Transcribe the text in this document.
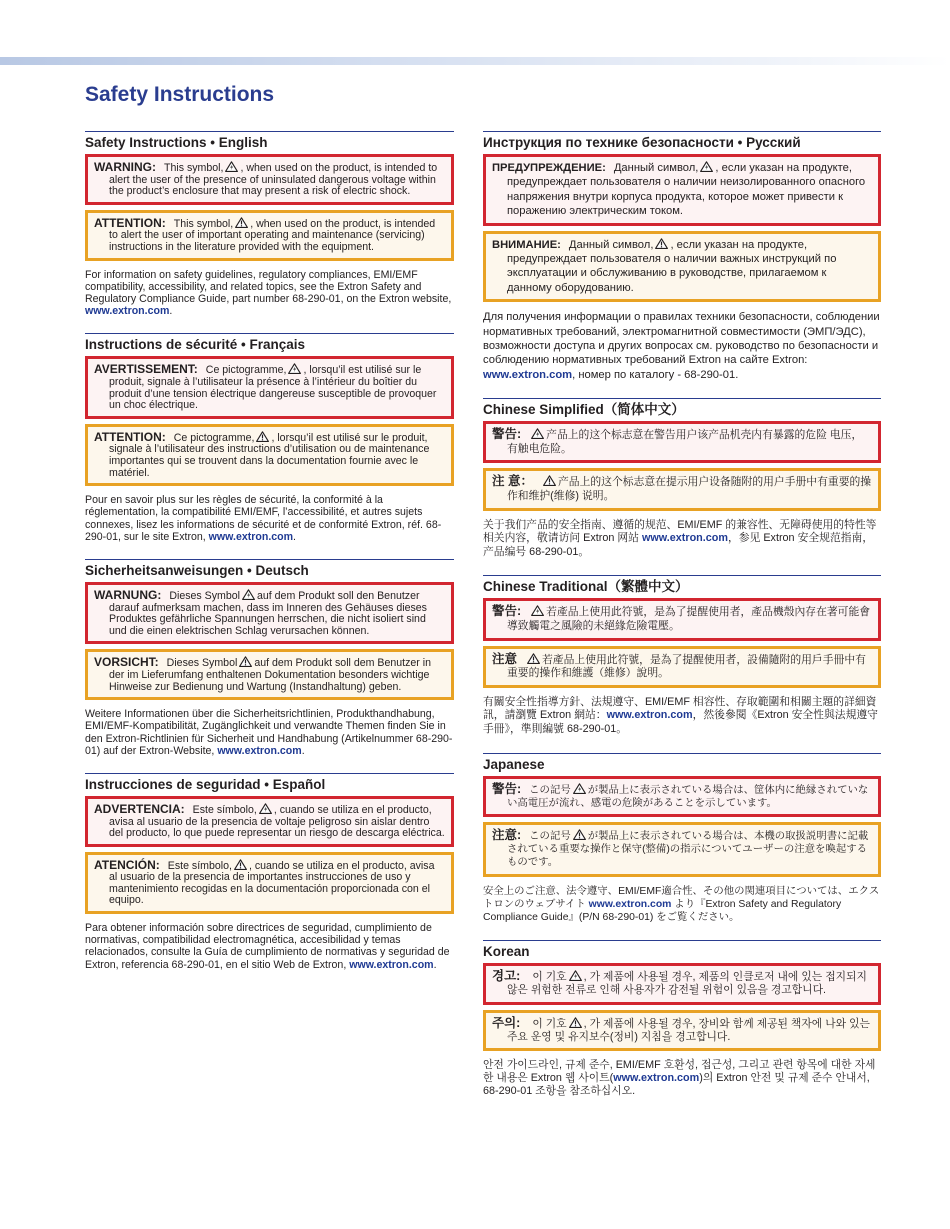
Safety Instructions
Safety Instructions • English
WARNING: This symbol, , when used on the product, is intended to alert the user of the presence of uninsulated dangerous voltage within the product’s enclosure that may present a risk of electric shock.
ATTENTION: This symbol, , when used on the product, is intended to alert the user of important operating and maintenance (servicing) instructions in the literature provided with the equipment.

For information on safety guidelines, regulatory compliances, EMI/EMF compatibility, accessibility, and related topics, see the Extron Safety and Regulatory Compliance Guide, part number 68-290-01, on the Extron website, www.extron.com.

Instructions de sécurité • Français
AVERTISSEMENT: Ce pictogramme, , lorsqu’il est utilisé sur le produit, signale à l’utilisateur la présence à l’intérieur du boîtier du produit d’une tension électrique dangereuse susceptible de provoquer un choc électrique.
ATTENTION: Ce pictogramme, , lorsqu’il est utilisé sur le produit, signale à l’utilisateur des instructions d’utilisation ou de maintenance importantes qui se trouvent dans la documentation fournie avec le matériel.

Pour en savoir plus sur les règles de sécurité, la conformité à la réglementation, la compatibilité EMI/EMF, l’accessibilité, et autres sujets connexes, lisez les informations de sécurité et de conformité Extron, réf. 68-290-01, sur le site Extron, www.extron.com.

Sicherheitsanweisungen • Deutsch
WARNUNG: Dieses Symbol auf dem Produkt soll den Benutzer darauf aufmerksam machen, dass im Inneren des Gehäuses dieses Produktes gefährliche Spannungen herrschen, die nicht isoliert sind und die einen elektrischen Schlag verursachen können.
VORSICHT: Dieses Symbol auf dem Produkt soll dem Benutzer in der im Lieferumfang enthaltenen Dokumentation besonders wichtige Hinweise zur Bedienung und Wartung (Instandhaltung) geben.

Weitere Informationen über die Sicherheitsrichtlinien, Produkthandhabung, EMI/EMF-Kompatibilität, Zugänglichkeit und verwandte Themen finden Sie in den Extron-Richtlinien für Sicherheit und Handhabung (Artikelnummer 68-290-01) auf der Extron-Website, www.extron.com.

Instrucciones de seguridad • Español
ADVERTENCIA: Este símbolo, , cuando se utiliza en el producto, avisa al usuario de la presencia de voltaje peligroso sin aislar dentro del producto, lo que puede representar un riesgo de descarga eléctrica.
ATENCIÓN: Este símbolo, , cuando se utiliza en el producto, avisa al usuario de la presencia de importantes instrucciones de uso y mantenimiento recogidas en la documentación proporcionada con el equipo.

Para obtener información sobre directrices de seguridad, cumplimiento de normativas, compatibilidad electromagnética, accesibilidad y temas relacionados, consulte la Guía de cumplimiento de normativas y seguridad de Extron, referencia 68-290-01, en el sitio Web de Extron, www.extron.com.

Инструкция по технике безопасности • Русский
ПРЕДУПРЕЖДЕНИЕ: Данный символ, , если указан на продукте, предупреждает пользователя о наличии неизолированного опасного напряжения внутри корпуса продукта, которое может привести к поражению электрическим током.
ВНИМАНИЕ: Данный символ, , если указан на продукте, предупреждает пользователя о наличии важных инструкций по эксплуатации и обслуживанию в руководстве, прилагаемом к данному оборудованию.

Для получения информации о правилах техники безопасности, соблюдении нормативных требований, электромагнитной совместимости (ЭМП/ЭДС), возможности доступа и других вопросах см. руководство по безопасности и соблюдению нормативных требований Extron на сайте Extron: www.extron.com, номер по каталогу - 68-290-01.

Chinese Simplified（简体中文）
警告: 产品上的这个标志意在警告用户该产品机壳内有暴露的危险 电压，有触电危险。
注 意： 产品上的这个标志意在提示用户设备随附的用户手册中有重要的操作和维护(维修) 说明。

关于我们产品的安全指南、遵循的规范、EMI/EMF 的兼容性、无障碍使用的特性等相关内容，敬请访问 Extron 网站 www.extron.com，参见 Extron 安全规范指南，产品编号 68-290-01。

Chinese Traditional（繁體中文）
警告: 若產品上使用此符號，是為了提醒使用者，產品機殼內存在著可能會導致觸電之風險的未絕緣危險電壓。
注意 若產品上使用此符號，是為了提醒使用者，設備隨附的用戶手冊中有重要的操作和維護（維修）說明。

有關安全性指導方針、法規遵守、EMI/EMF 相容性、存取範圍和相關主題的詳細資訊，請瀏覽 Extron 網站：www.extron.com，然後參閱《Extron 安全性與法規遵守手冊》，準則編號 68-290-01。

Japanese
警告: この記号 が製品上に表示されている場合は、筐体内に絶縁されていない高電圧が流れ、感電の危険があることを示しています。
注意: この記号 が製品上に表示されている場合は、本機の取扱説明書に記載されている重要な操作と保守(整備)の指示についてユーザーの注意を喚起するものです。

安全上のご注意、法令遵守、EMI/EMF適合性、その他の関連項目については、エクストロンのウェブサイト www.extron.com より『Extron Safety and Regulatory Compliance Guide』(P/N 68-290-01) をご覧ください。

Korean
경고: 이 기호 , 가 제품에 사용될 경우, 제품의 인클로저 내에 있는 접지되지 않은 위험한 전류로 인해 사용자가 감전될 위험이 있음을 경고합니다.
주의: 이 기호 , 가 제품에 사용될 경우, 장비와 함께 제공된 책자에 나와 있는 주요 운영 및 유지보수(정비) 지침을 경고합니다.

안전 가이드라인, 규제 준수, EMI/EMF 호환성, 접근성, 그리고 관련 항목에 대한 자세한 내용은 Extron 웹 사이트(www.extron.com)의 Extron 안전 및 규제 준수 안내서, 68-290-01 조항을 참조하십시오.
